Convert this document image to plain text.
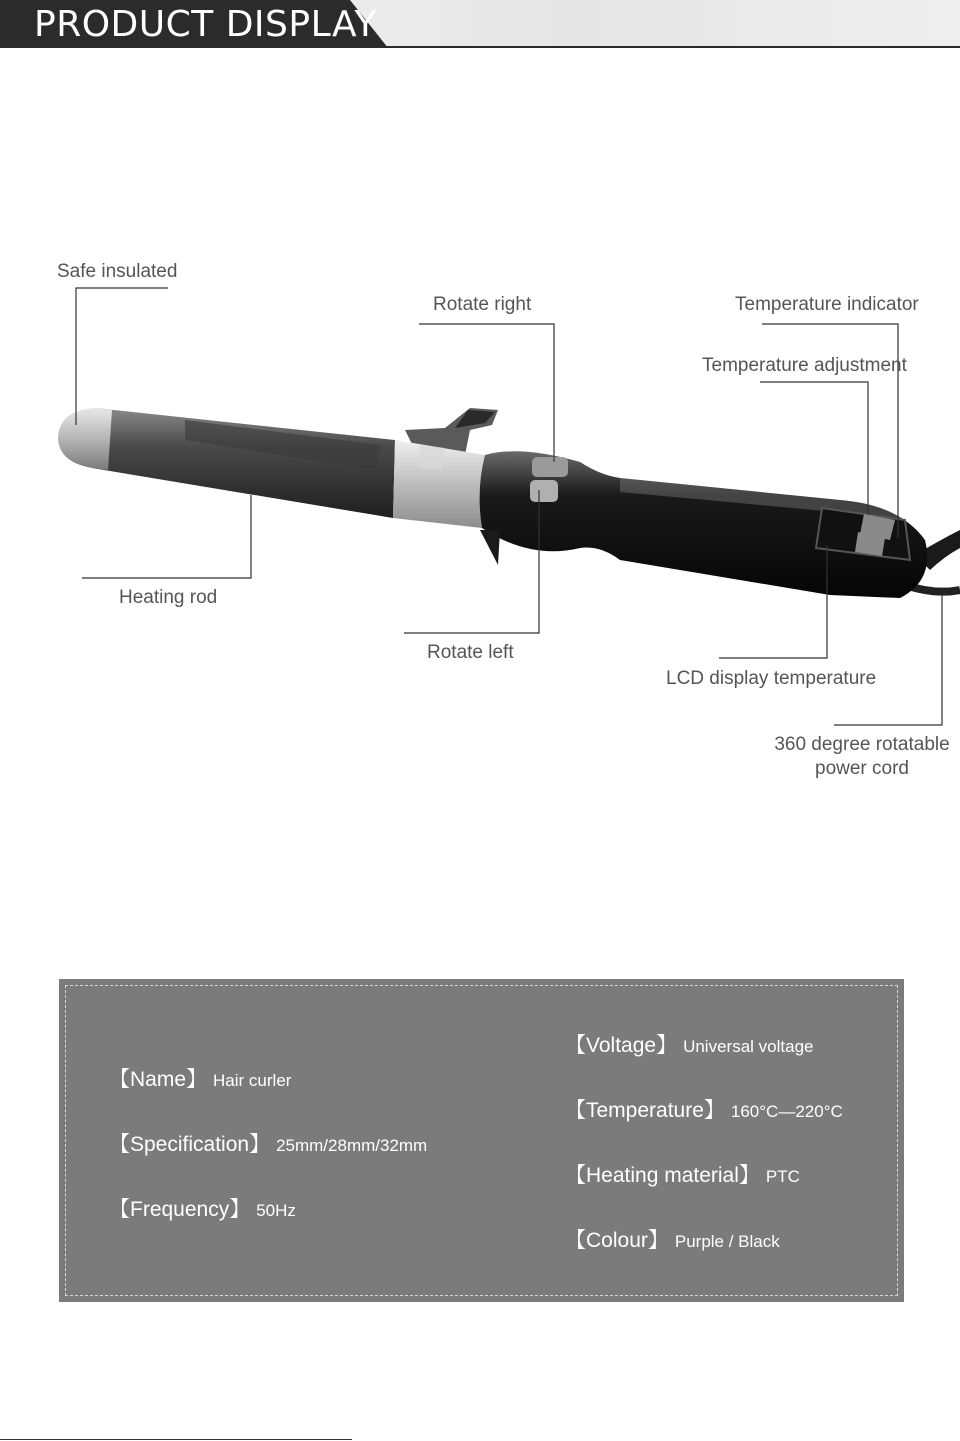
PRODUCT DISPLAY
Safe insulated
Rotate right	Temperature indicator
Temperature adjustment
Heating rod
Rotate left
LCD display temperature
360 degree rotatable
power cord
【Name】 Hair curler
【Specification】 25mm/28mm/32mm
【Frequency】 50Hz
【Voltage】 Universal voltage
【Temperature】 160°C—220°C
【Heating material】 PTC
【Colour】 Purple / Black
